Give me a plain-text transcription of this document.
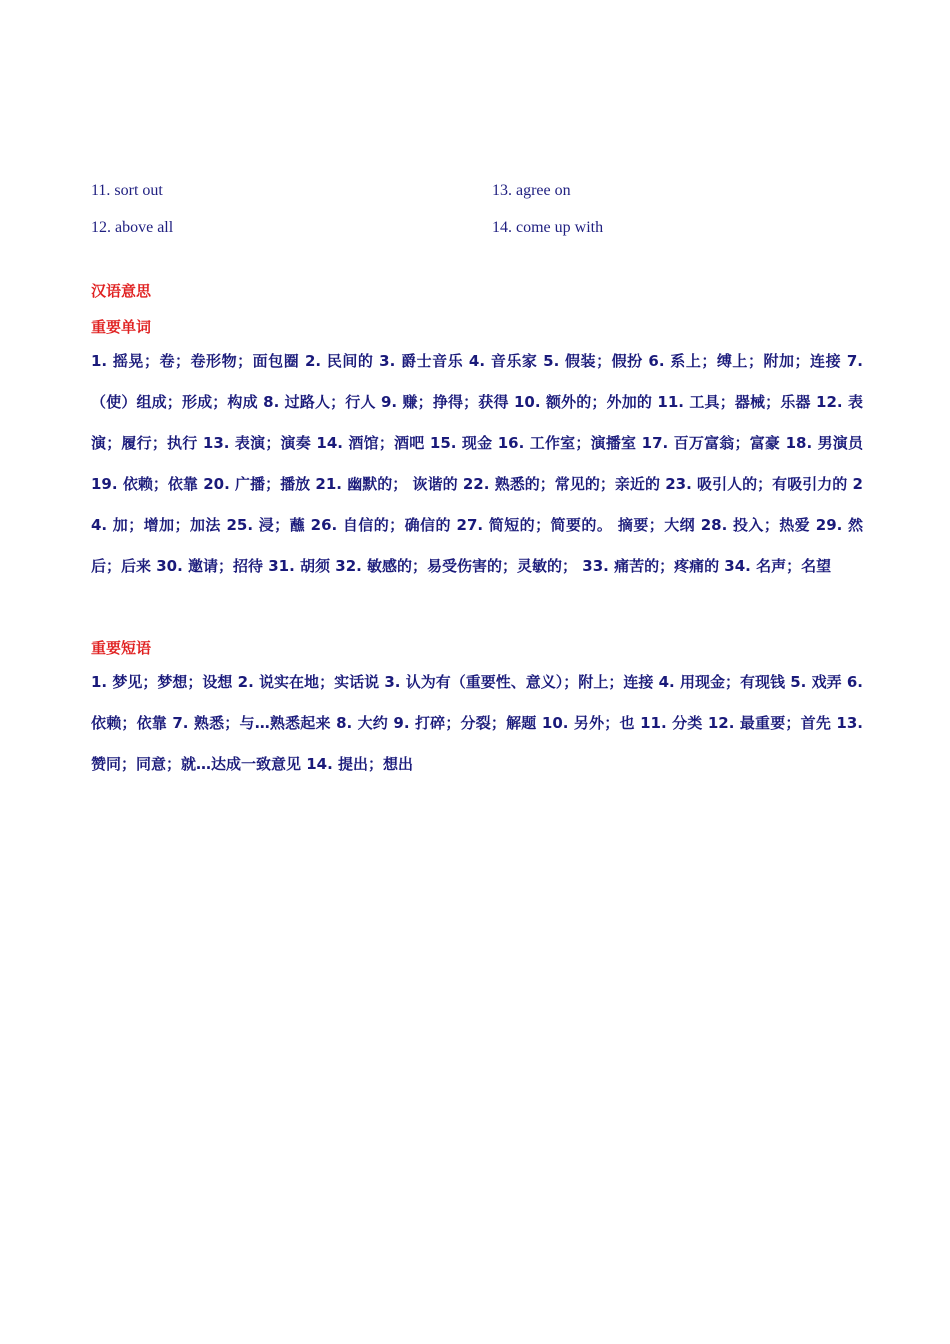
11. sort out	13. agree on
12. above all	14. come up with
汉语意思
重要单词
1. 摇晃；卷；卷形物；面包圈 2. 民间的 3. 爵士音乐 4. 音乐家 5. 假装；假扮 6. 系上；缚上；附加；连接 7. （使）组成；形成；构成 8. 过路人；行人 9. 赚；挣得；获得 10. 额外的；外加的 11. 工具；器械；乐器 12. 表演；履行；执行 13. 表演；演奏 14. 酒馆；酒吧 15. 现金 16. 工作室；演播室 17. 百万富翁；富豪 18. 男演员 19. 依赖；依靠 20. 广播；播放 21. 幽默的； 诙谐的 22. 熟悉的；常见的；亲近的 23. 吸引人的；有吸引力的 24. 加；增加；加法 25. 浸；蘸 26. 自信的；确信的 27. 简短的；简要的。 摘要；大纲 28. 投入；热爱 29. 然后；后来 30. 邀请；招待 31. 胡须 32. 敏感的；易受伤害的；灵敏的； 33. 痛苦的；疼痛的 34. 名声；名望
重要短语
1. 梦见；梦想；设想 2. 说实在地；实话说 3. 认为有（重要性、意义）；附上；连接 4. 用现金；有现钱 5. 戏弄 6. 依赖；依靠 7. 熟悉；与…熟悉起来 8. 大约 9. 打碎；分裂；解题 10. 另外；也 11. 分类 12. 最重要；首先 13. 赞同；同意；就…达成一致意见 14. 提出；想出
